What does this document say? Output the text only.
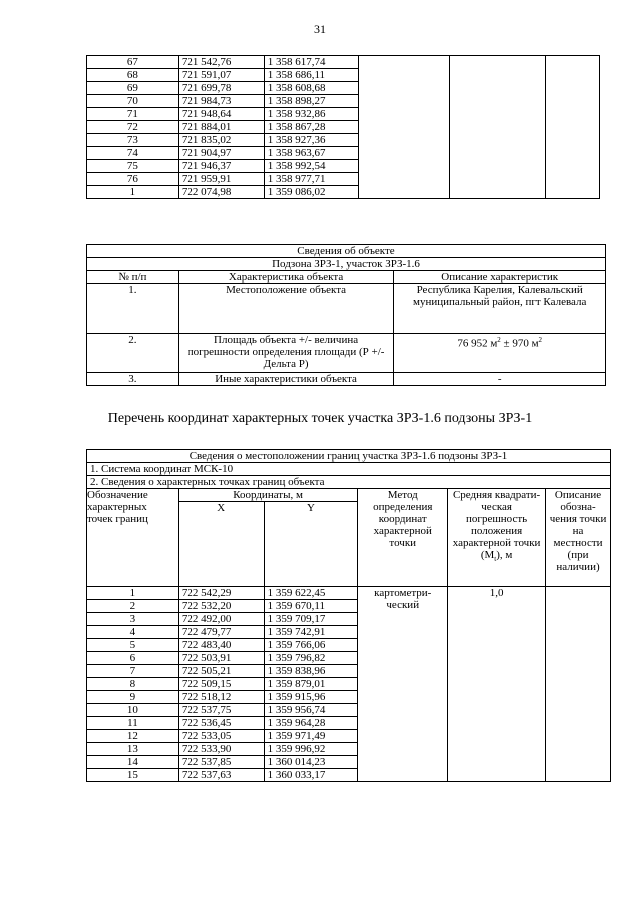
31
67	721 542,76	1 358 617,74			
68	721 591,07	1 358 686,11			
69	721 699,78	1 358 608,68			
70	721 984,73	1 358 898,27			
71	721 948,64	1 358 932,86			
72	721 884,01	1 358 867,28			
73	721 835,02	1 358 927,36			
74	721 904,97	1 358 963,67			
75	721 946,37	1 358 992,54			
76	721 959,91	1 358 977,71			
1	722 074,98	1 359 086,02			
Сведения об объекте		
Подзона ЗРЗ-1, участок ЗРЗ-1.6		
№ п/п	Характеристика объекта	Описание характеристик
1.	Местоположение объекта	Республика Карелия, Калевальский муниципальный район, пгт Калевала
2.	Площадь объекта +/- величина погрешности определения площади (Р +/- Дельта Р)	76 952 $м^2 \pm 970$ $м^2$
3.	Иные характеристики объекта	-
Перечень координат характерных точек участка ЗРЗ-1.6 подзоны ЗРЗ-1
Сведения о местоположении границ участка ЗРЗ-1.6 подзоны ЗРЗ-1					
1. Система координат МСК-10					
2. Сведения о характерных точках границ объекта					
Обозначение характерных точек границ	Координаты, м		Метод определения координат характерной точки	Средняя квадрати-ческая погрешность положения характерной точки $(M_t)$, м	Описание обозна-чения точки на местности (при наличии)
	X	Y			
1	722 542,29	1 359 622,45	картометри-ческий	1,0	
2	722 532,20	1 359 670,11			
3	722 492,00	1 359 709,17			
4	722 479,77	1 359 742,91			
5	722 483,40	1 359 766,06			
6	722 503,91	1 359 796,82			
7	722 505,21	1 359 838,96			
8	722 509,15	1 359 879,01			
9	722 518,12	1 359 915,96			
10	722 537,75	1 359 956,74			
11	722 536,45	1 359 964,28			
12	722 533,05	1 359 971,49			
13	722 533,90	1 359 996,92			
14	722 537,85	1 360 014,23			
15	722 537,63	1 360 033,17			
